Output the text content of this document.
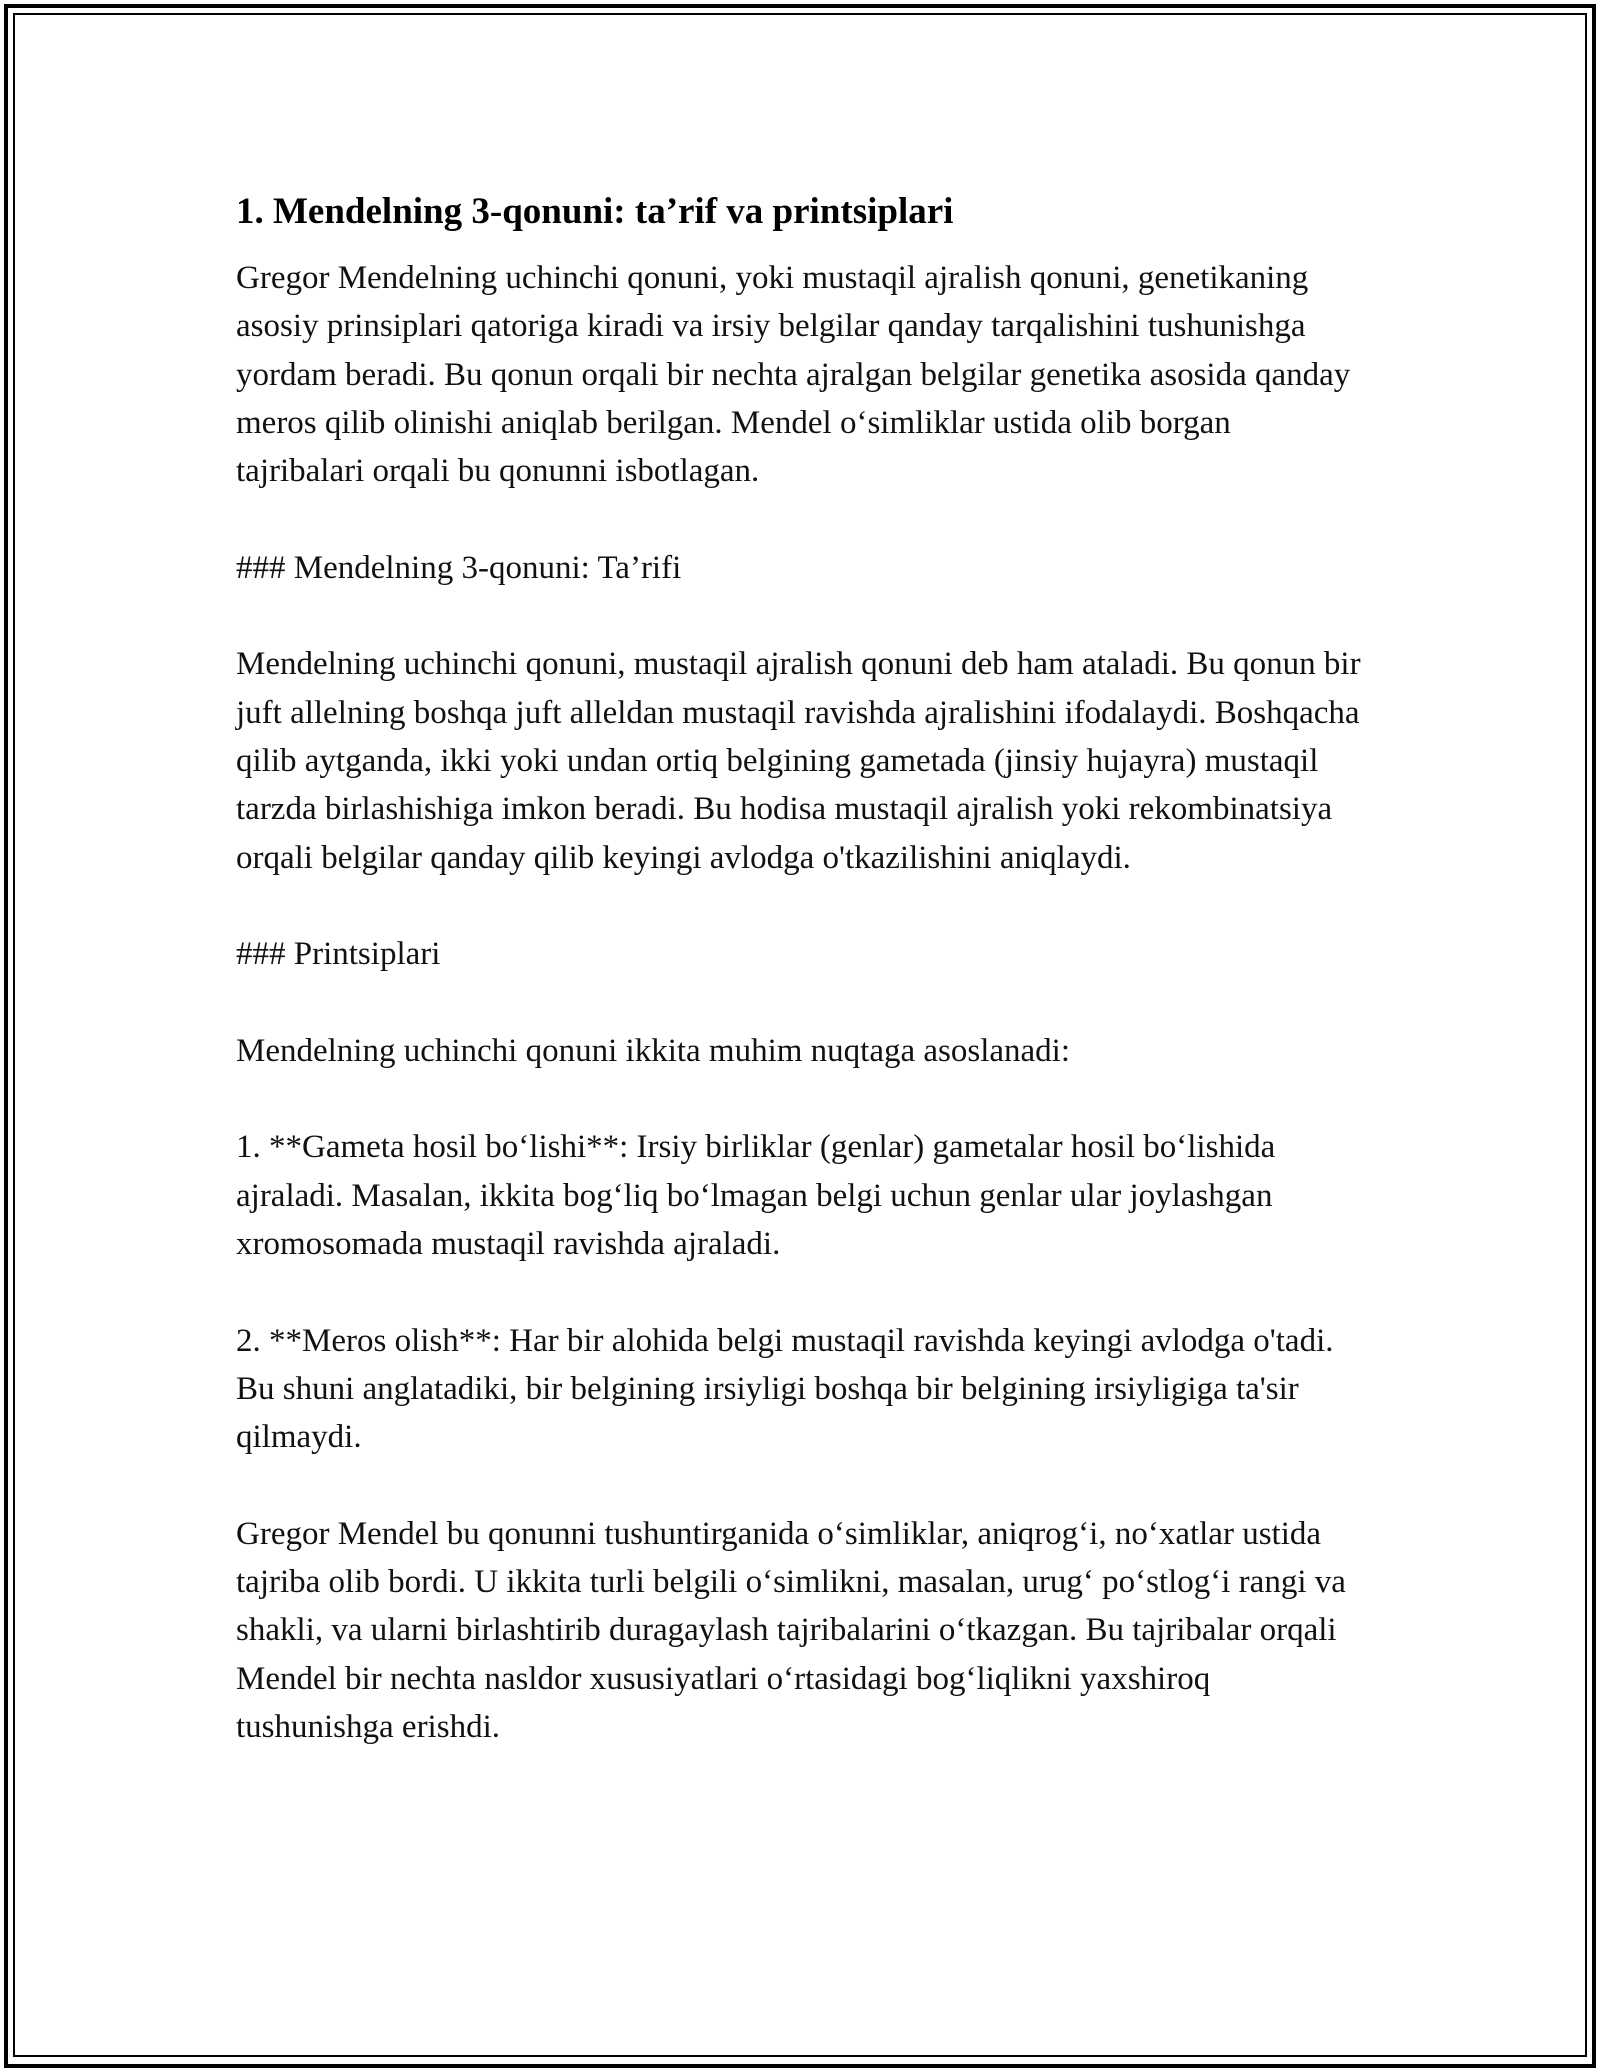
1. Mendelning 3-qonuni: ta’rif va printsiplari

Gregor Mendelning uchinchi qonuni, yoki mustaqil ajralish qonuni, genetikaning asosiy prinsiplari qatoriga kiradi va irsiy belgilar qanday tarqalishini tushunishga yordam beradi. Bu qonun orqali bir nechta ajralgan belgilar genetika asosida qanday meros qilib olinishi aniqlab berilgan. Mendel o‘simliklar ustida olib borgan tajribalari orqali bu qonunni isbotlagan.

### Mendelning 3-qonuni: Ta’rifi

Mendelning uchinchi qonuni, mustaqil ajralish qonuni deb ham ataladi. Bu qonun bir juft allelning boshqa juft alleldan mustaqil ravishda ajralishini ifodalaydi. Boshqacha qilib aytganda, ikki yoki undan ortiq belgining gametada (jinsiy hujayra) mustaqil tarzda birlashishiga imkon beradi. Bu hodisa mustaqil ajralish yoki rekombinatsiya orqali belgilar qanday qilib keyingi avlodga o'tkazilishini aniqlaydi.

### Printsiplari

Mendelning uchinchi qonuni ikkita muhim nuqtaga asoslanadi:

1. **Gameta hosil bo‘lishi**: Irsiy birliklar (genlar) gametalar hosil bo‘lishida ajraladi. Masalan, ikkita bog‘liq bo‘lmagan belgi uchun genlar ular joylashgan xromosomada mustaqil ravishda ajraladi.

2. **Meros olish**: Har bir alohida belgi mustaqil ravishda keyingi avlodga o'tadi. Bu shuni anglatadiki, bir belgining irsiyligi boshqa bir belgining irsiyligiga ta'sir qilmaydi.

Gregor Mendel bu qonunni tushuntirganida o‘simliklar, aniqrog‘i, no‘xatlar ustida tajriba olib bordi. U ikkita turli belgili o‘simlikni, masalan, urug‘ po‘stlog‘i rangi va shakli, va ularni birlashtirib duragaylash tajribalarini o‘tkazgan. Bu tajribalar orqali Mendel bir nechta nasldor xususiyatlari o‘rtasidagi bog‘liqlikni yaxshiroq tushunishga erishdi.
